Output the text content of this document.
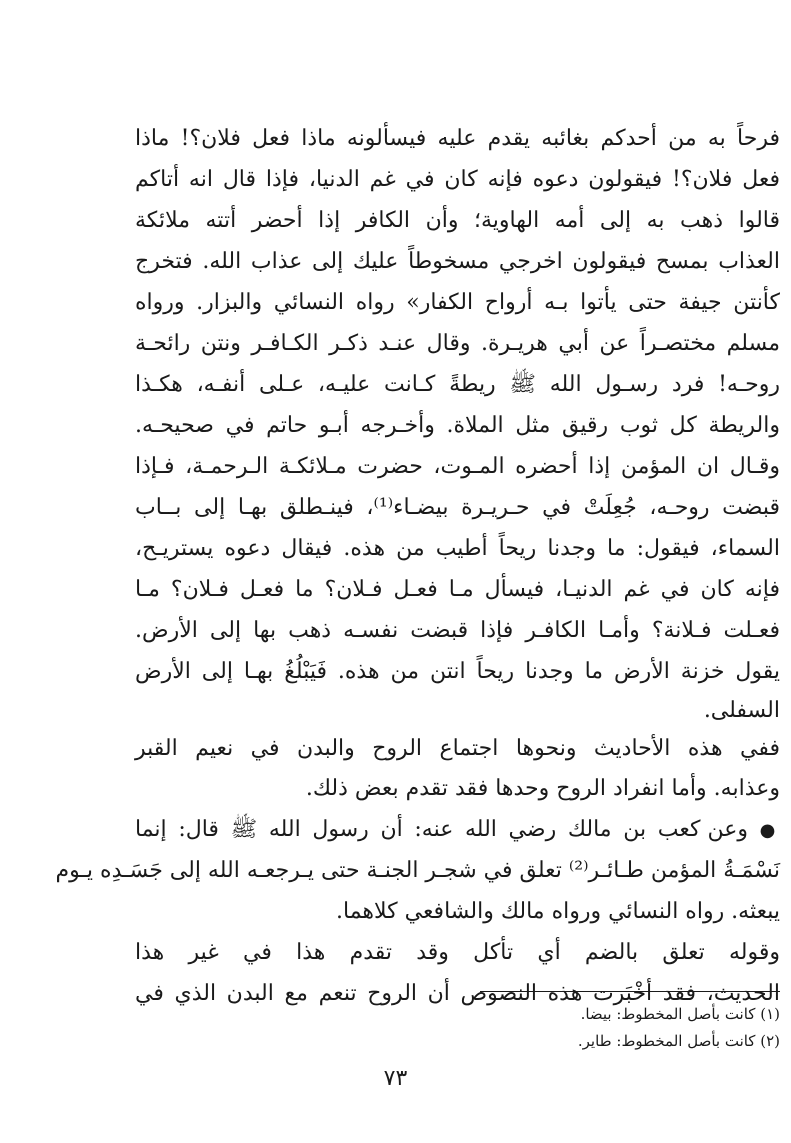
فرحاً به من أحدكم بغائبه يقدم عليه فيسألونه ماذا فعل فلان؟! ماذا
فعل فلان؟! فيقولون دعوه فإنه كان في غم الدنيا، فإذا قال انه أتاكم
قالوا ذهب به إلى أمه الهاوية؛ وأن الكافر إذا أحضر أتته ملائكة
العذاب بمسح فيقولون اخرجي مسخوطاً عليك إلى عذاب الله. فتخرج
كأنتن جيفة حتى يأتوا بـه أرواح الكفار» رواه النسائي والبزار. ورواه
مسلم مختصـراً عن أبي هريـرة. وقال عنـد ذكـر الكـافـر ونتن رائحـة
روحـه! فرد رسـول الله ﷺ ريطةً كـانت عليـه، عـلى أنفـه، هكـذا
والريطة كل ثوب رقيق مثل الملاة. وأخـرجه أبـو حاتم في صحيحـه.
وقـال ان المؤمن إذا أحضره المـوت، حضرت مـلائكـة الـرحمـة، فـإذا
قبضت روحـه، جُعِلَتْ في حـريـرة بيضـاء⁽¹⁾، فينـطلق بهـا إلى بــاب
السماء، فيقول: ما وجدنا ريحاً أطيب من هذه. فيقال دعوه يستريـح،
فإنه كان في غم الدنيـا، فيسأل مـا فعـل فـلان؟ ما فعـل فـلان؟ مـا
فعـلت فـلانة؟ وأمـا الكافـر فإذا قبضت نفسـه ذهب بها إلى الأرض.
يقول خزنة الأرض ما وجدنا ريحاً انتن من هذه. فَيَبْلُغُ بهـا إلى الأرض
السفلى.
ففي هذه الأحاديث ونحوها اجتماع الروح والبدن في نعيم القبر
وعذابه. وأما انفراد الروح وحدها فقد تقدم بعض ذلك.
● وعن كعب بن مالك رضي الله عنه: أن رسول الله ﷺ قال: إنما
نَسْمَـةُ المؤمن طـائـر⁽²⁾ تعلق في شجـر الجنـة حتى يـرجعـه الله إلى جَسَـدِه يـوم
يبعثه. رواه النسائي ورواه مالك والشافعي كلاهما.
وقوله تعلق بالضم أي تأكل وقد تقدم هذا في غير هذا
الحديث، فقد أخْبَرت هذه النصوص أن الروح تنعم مع البدن الذي في
(١) كانت بأصل المخطوط: بيضا.
(٢) كانت بأصل المخطوط: طاير.
٧٣
